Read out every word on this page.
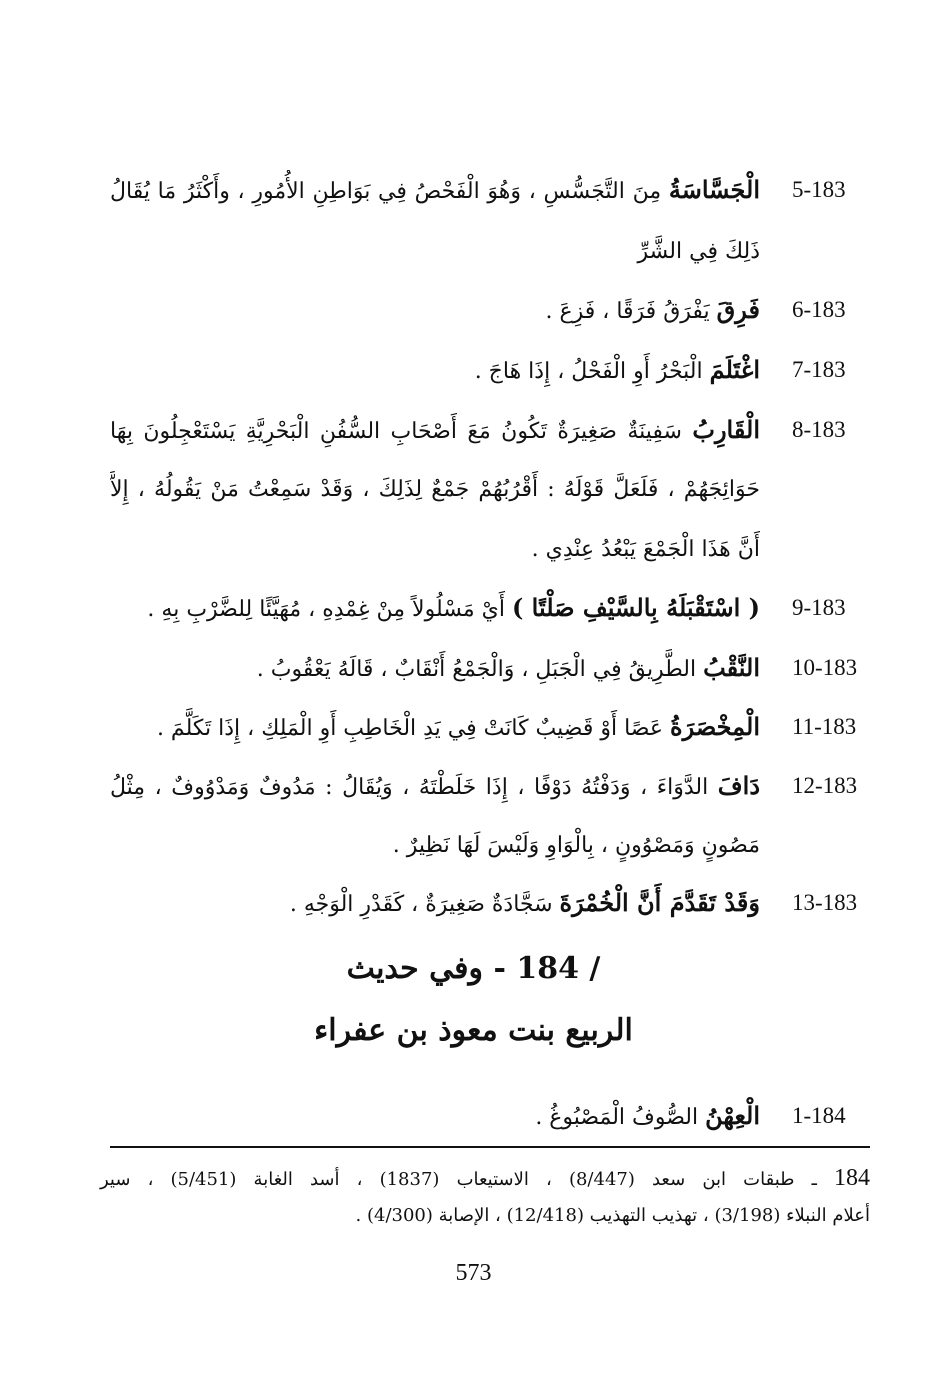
5-183
الْجَسَّاسَةُ مِنَ التَّجَسُّسِ ، وَهُوَ الْفَحْصُ فِي بَوَاطِنِ الأُمُورِ ، وأَكْثَرُ مَا يُقَالُ
ذَلِكَ فِي الشَّرِّ
6-183
فَرِقَ يَفْرَقُ فَرَقًا ، فَزِعَ .
7-183
اغْتَلَمَ الْبَحْرُ أَوِ الْفَحْلُ ، إِذَا هَاجَ .
8-183
الْقَارِبُ سَفِينَةٌ صَغِيرَةٌ تَكُونُ مَعَ أَصْحَابِ السُّفُنِ الْبَحْرِيَّةِ يَسْتَعْجِلُونَ بِهَا
حَوَائِجَهُمْ ، فَلَعَلَّ قَوْلَهُ : أَقْرُبُهُمْ جَمْعٌ لِذَلِكَ ، وَقَدْ سَمِعْتُ مَنْ يَقُولُهُ ، إِلاَّ
أَنَّ هَذَا الْجَمْعَ يَبْعُدُ عِنْدِي .
9-183
( اسْتَقْبَلَهُ بِالسَّيْفِ صَلْتًا ) أَيْ مَسْلُولاً مِنْ غِمْدِهِ ، مُهَيَّئًا لِلضَّرْبِ بِهِ .
10-183
النَّقْبُ الطَّرِيقُ فِي الْجَبَلِ ، وَالْجَمْعُ أَنْقَابٌ ، قَالَهُ يَعْقُوبُ .
11-183
الْمِخْصَرَةُ عَصًا أَوْ قَضِيبٌ كَانَتْ فِي يَدِ الْخَاطِبِ أَوِ الْمَلِكِ ، إِذَا تَكَلَّمَ .
12-183
دَافَ الدَّوَاءَ ، وَدَفْتُهُ دَوْفًا ، إِذَا خَلَطْتَهُ ، وَيُقَالُ : مَدُوفٌ وَمَدْوُوفٌ ، مِثْلُ
مَصُونٍ وَمَصْوُونٍ ، بِالْوَاوِ وَلَيْسَ لَهَا نَظِيرٌ .
13-183
وَقَدْ تَقَدَّمَ أَنَّ الْخُمْرَةَ سَجَّادَةٌ صَغِيرَةٌ ، كَقَدْرِ الْوَجْهِ .
/ 184 - وفي حديث
الربيع بنت معوذ بن عفراء
1-184
الْعِهْنُ الصُّوفُ الْمَصْبُوغُ .
184 ـ طبقات ابن سعد (8/447) ، الاستيعاب (1837) ، أسد الغابة (5/451) ، سير
أعلام النبلاء (3/198) ، تهذيب التهذيب (12/418) ، الإصابة (4/300) .
573
